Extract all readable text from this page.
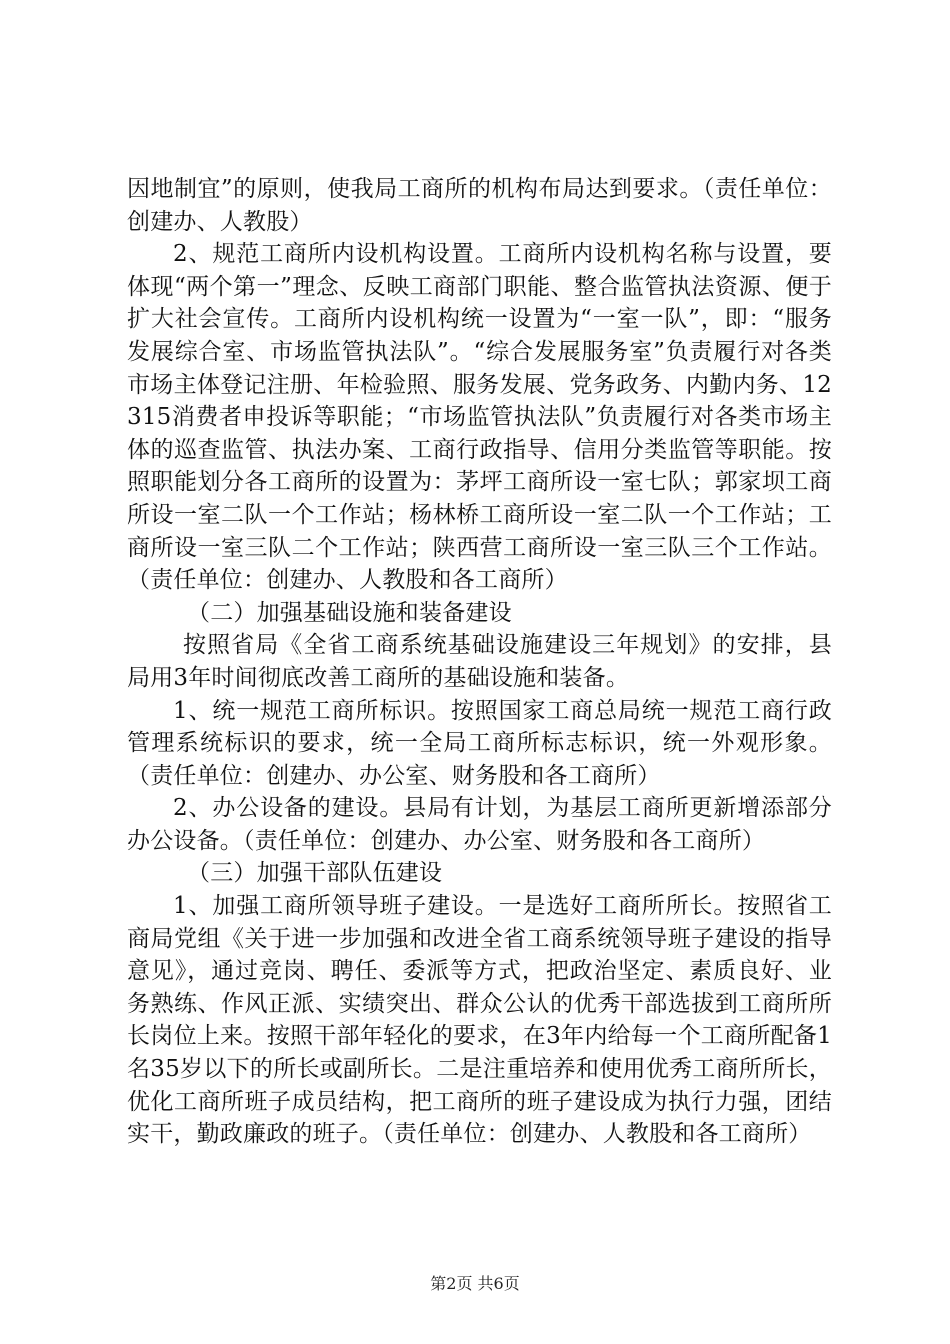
因地制宜”的原则，使我局工商所的机构布局达到要求。（责任单位：创建办、人教股）

2、规范工商所内设机构设置。工商所内设机构名称与设置，要体现“两个第一”理念、反映工商部门职能、整合监管执法资源、便于扩大社会宣传。工商所内设机构统一设置为“一室一队”，即：“服务发展综合室、市场监管执法队”。“综合发展服务室”负责履行对各类市场主体登记注册、年检验照、服务发展、党务政务、内勤内务、12315消费者申投诉等职能；“市场监管执法队”负责履行对各类市场主体的巡查监管、执法办案、工商行政指导、信用分类监管等职能。按照职能划分各工商所的设置为：茅坪工商所设一室七队；郭家坝工商所设一室二队一个工作站；杨林桥工商所设一室二队一个工作站；工商所设一室三队二个工作站；陕西营工商所设一室三队三个工作站。（责任单位：创建办、人教股和各工商所）

（二）加强基础设施和装备建设

按照省局《全省工商系统基础设施建设三年规划》的安排，县局用3年时间彻底改善工商所的基础设施和装备。

1、统一规范工商所标识。按照国家工商总局统一规范工商行政管理系统标识的要求，统一全局工商所标志标识，统一外观形象。（责任单位：创建办、办公室、财务股和各工商所）

2、办公设备的建设。县局有计划，为基层工商所更新增添部分办公设备。（责任单位：创建办、办公室、财务股和各工商所）

（三）加强干部队伍建设

1、加强工商所领导班子建设。一是选好工商所所长。按照省工商局党组《关于进一步加强和改进全省工商系统领导班子建设的指导意见》，通过竞岗、聘任、委派等方式，把政治坚定、素质良好、业务熟练、作风正派、实绩突出、群众公认的优秀干部选拔到工商所所长岗位上来。按照干部年轻化的要求，在3年内给每一个工商所配备1名35岁以下的所长或副所长。二是注重培养和使用优秀工商所所长，优化工商所班子成员结构，把工商所的班子建设成为执行力强，团结实干，勤政廉政的班子。（责任单位：创建办、人教股和各工商所）

第2页 共6页
